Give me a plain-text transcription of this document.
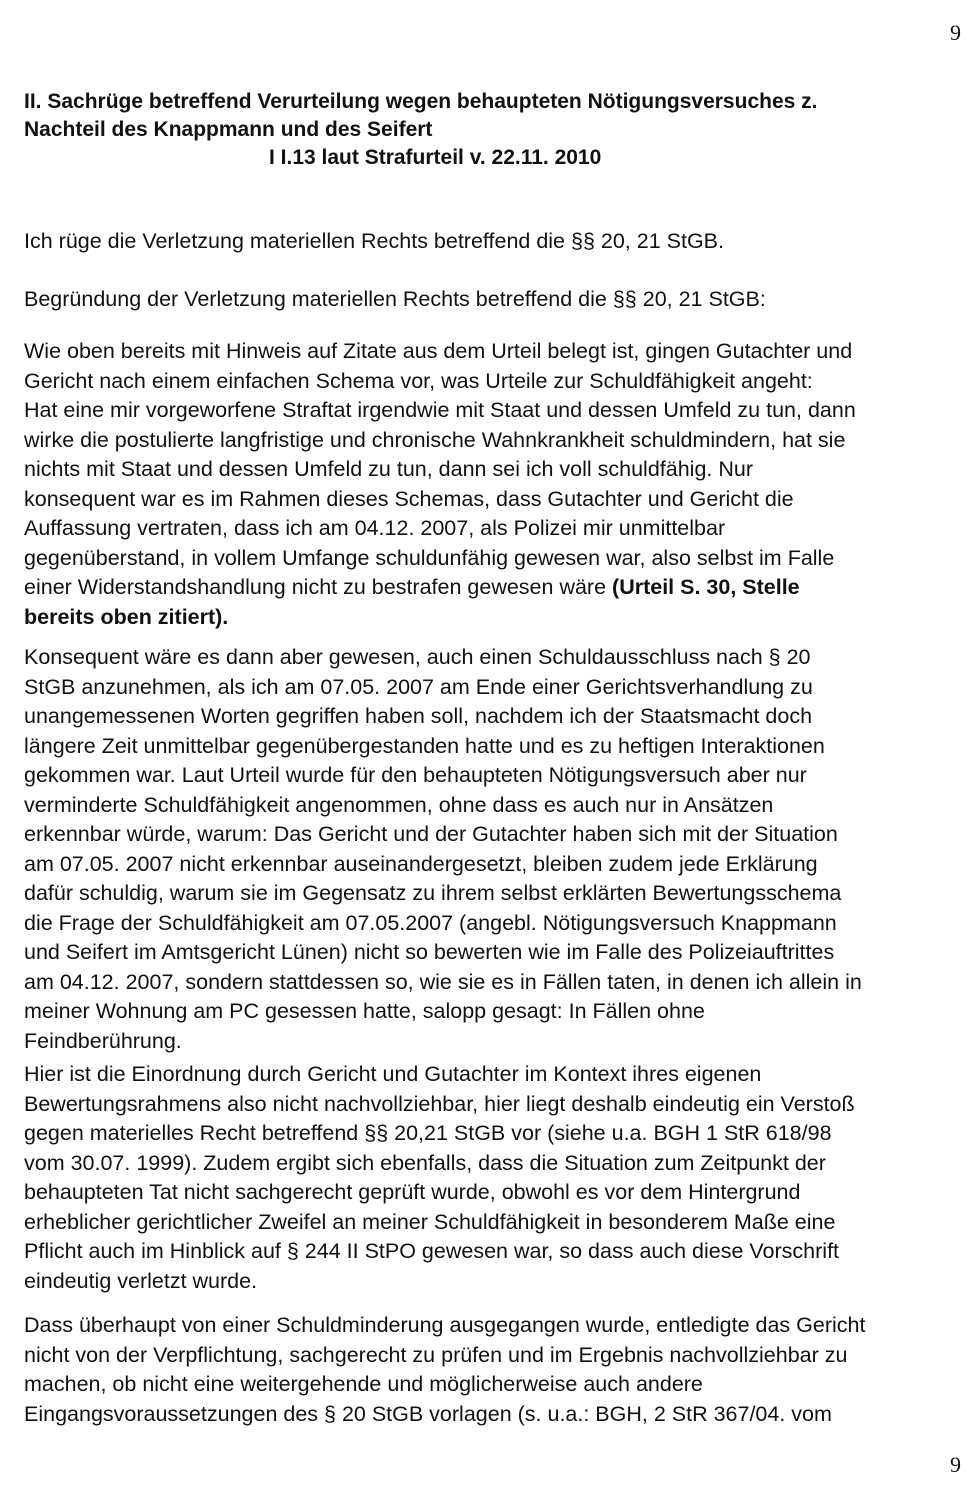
9
II. Sachrüge betreffend Verurteilung wegen behaupteten Nötigungsversuches z.
Nachteil des Knappmann und des Seifert
I I.13 laut Strafurteil v. 22.11. 2010
Ich rüge die Verletzung materiellen Rechts betreffend die §§ 20, 21 StGB.
Begründung der Verletzung materiellen Rechts betreffend die §§ 20, 21 StGB:
Wie oben bereits mit Hinweis auf Zitate aus dem Urteil belegt ist, gingen Gutachter und
Gericht nach einem einfachen Schema vor, was Urteile zur Schuldfähigkeit angeht:
Hat eine mir vorgeworfene Straftat irgendwie mit Staat und dessen Umfeld zu tun, dann
wirke die postulierte langfristige und chronische Wahnkrankheit schuldmindern, hat sie
nichts mit Staat und dessen Umfeld zu tun, dann sei ich voll schuldfähig. Nur
konsequent war es im Rahmen dieses Schemas, dass Gutachter und Gericht die
Auffassung vertraten, dass ich am 04.12. 2007, als Polizei mir unmittelbar
gegenüberstand, in vollem Umfange schuldunfähig gewesen war, also selbst im Falle
einer Widerstandshandlung nicht zu bestrafen gewesen wäre (Urteil S. 30, Stelle
bereits oben zitiert).
Konsequent wäre es dann aber gewesen, auch einen Schuldausschluss nach § 20
StGB anzunehmen, als ich am 07.05. 2007 am Ende einer Gerichtsverhandlung zu
unangemessenen Worten gegriffen haben soll, nachdem ich der Staatsmacht doch
längere Zeit unmittelbar gegenübergestanden hatte und es zu heftigen Interaktionen
gekommen war. Laut Urteil wurde für den behaupteten Nötigungsversuch aber nur
verminderte Schuldfähigkeit angenommen, ohne dass es auch nur in Ansätzen
erkennbar würde, warum: Das Gericht und der Gutachter haben sich mit der Situation
am 07.05. 2007 nicht erkennbar auseinandergesetzt, bleiben zudem jede Erklärung
dafür schuldig, warum sie im Gegensatz zu ihrem selbst erklärten Bewertungsschema
die Frage der Schuldfähigkeit am 07.05.2007 (angebl. Nötigungsversuch Knappmann
und Seifert im Amtsgericht Lünen) nicht so bewerten wie im Falle des Polizeiauftrittes
am 04.12. 2007, sondern stattdessen so, wie sie es in Fällen taten, in denen ich allein in
meiner Wohnung am PC gesessen hatte, salopp gesagt: In Fällen ohne
Feindberührung.
Hier ist die Einordnung durch Gericht und Gutachter im Kontext ihres eigenen
Bewertungsrahmens also nicht nachvollziehbar, hier liegt deshalb eindeutig ein Verstoß
gegen materielles Recht betreffend §§ 20,21 StGB vor (siehe u.a. BGH 1 StR 618/98
vom 30.07. 1999). Zudem ergibt sich ebenfalls, dass die Situation zum Zeitpunkt der
behaupteten Tat nicht sachgerecht geprüft wurde, obwohl es vor dem Hintergrund
erheblicher gerichtlicher Zweifel an meiner Schuldfähigkeit in besonderem Maße eine
Pflicht auch im Hinblick auf § 244 II StPO gewesen war, so dass auch diese Vorschrift
eindeutig verletzt wurde.
Dass überhaupt von einer Schuldminderung ausgegangen wurde, entledigte das Gericht
nicht von der Verpflichtung, sachgerecht zu prüfen und im Ergebnis nachvollziehbar zu
machen, ob nicht eine weitergehende und möglicherweise auch andere
Eingangsvoraussetzungen des § 20 StGB vorlagen (s. u.a.: BGH, 2 StR 367/04. vom
9
